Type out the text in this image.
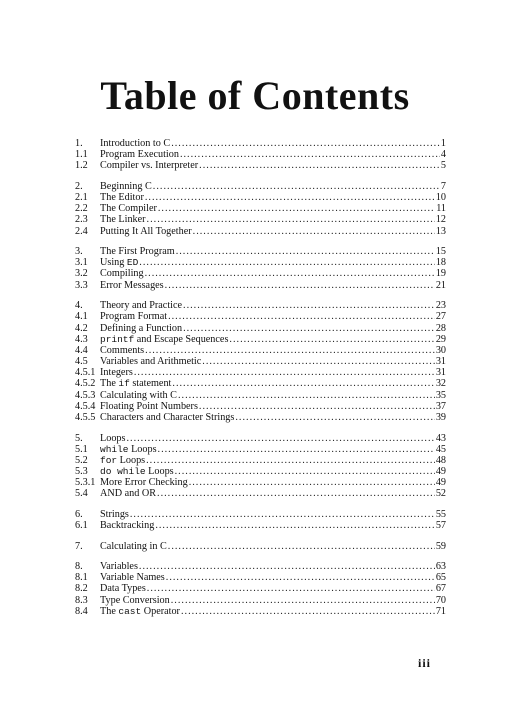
Table of Contents
1.	Introduction to C .....	1
1.1	Program Execution .....	4
1.2	Compiler vs. Interpreter .....	5
2.	Beginning C .....	7
2.1	The Editor .....	10
2.2	The Compiler .....	11
2.3	The Linker .....	12
2.4	Putting It All Together .....	13
3.	The First Program .....	15
3.1	Using ED .....	18
3.2	Compiling .....	19
3.3	Error Messages .....	21
4.	Theory and Practice .....	23
4.1	Program Format .....	27
4.2	Defining a Function .....	28
4.3	printf and Escape Sequences .....	29
4.4	Comments .....	30
4.5	Variables and Arithmetic .....	31
4.5.1 Integers .....	31
4.5.2 The if statement .....	32
4.5.3 Calculating with C .....	35
4.5.4 Floating Point Numbers .....	37
4.5.5 Characters and Character Strings .....	39
5.	Loops .....	43
5.1	while Loops .....	45
5.2	for Loops .....	48
5.3	do while Loops .....	49
5.3.1 More Error Checking .....	49
5.4	AND and OR .....	52
6.	Strings .....	55
6.1	Backtracking .....	57
7.	Calculating in C .....	59
8.	Variables .....	63
8.1	Variable Names .....	65
8.2	Data Types .....	67
8.3	Type Conversion .....	70
8.4	The cast Operator .....	71
iii
